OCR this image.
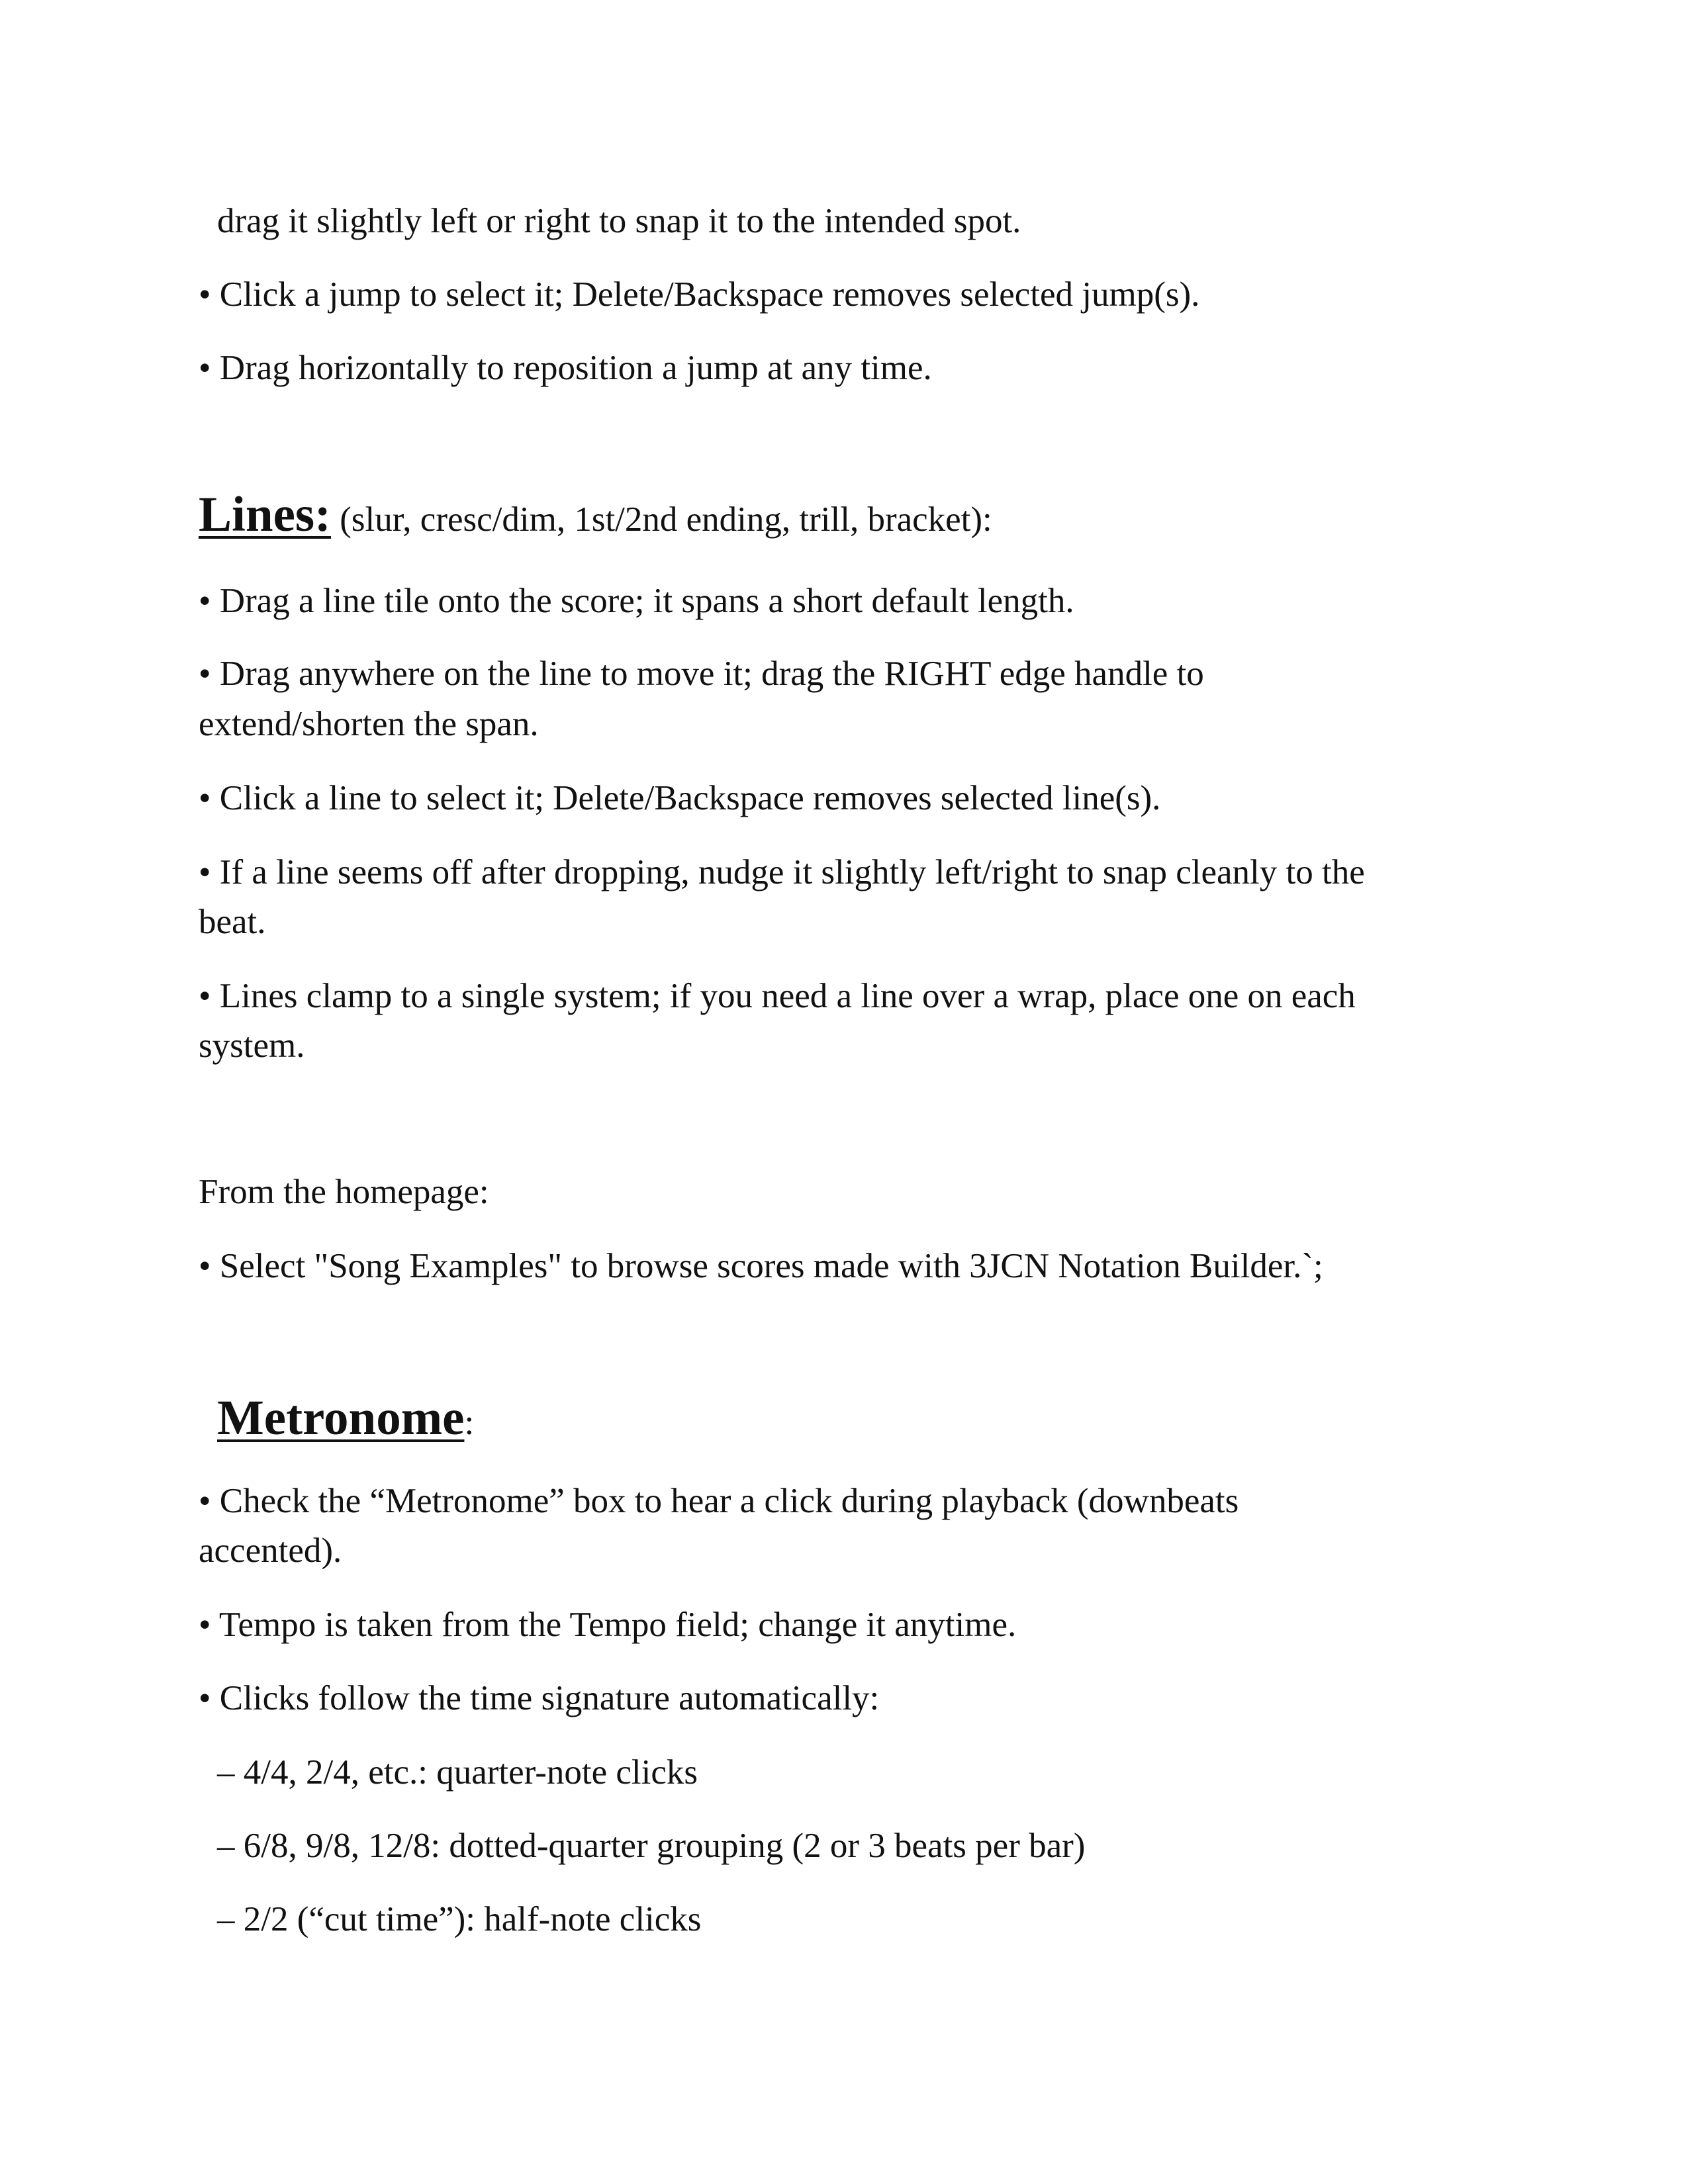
drag it slightly left or right to snap it to the intended spot.

• Click a jump to select it; Delete/Backspace removes selected jump(s).

• Drag horizontally to reposition a jump at any time.

Lines: (slur, cresc/dim, 1st/2nd ending, trill, bracket):

• Drag a line tile onto the score; it spans a short default length.

• Drag anywhere on the line to move it; drag the RIGHT edge handle to

extend/shorten the span.

• Click a line to select it; Delete/Backspace removes selected line(s).

• If a line seems off after dropping, nudge it slightly left/right to snap cleanly to the

beat.

• Lines clamp to a single system; if you need a line over a wrap, place one on each

system.

From the homepage:

• Select "Song Examples" to browse scores made with 3JCN Notation Builder.`;

Metronome:

• Check the “Metronome” box to hear a click during playback (downbeats

accented).

• Tempo is taken from the Tempo field; change it anytime.

• Clicks follow the time signature automatically:

– 4/4, 2/4, etc.: quarter-note clicks

– 6/8, 9/8, 12/8: dotted-quarter grouping (2 or 3 beats per bar)

– 2/2 (“cut time”): half-note clicks
